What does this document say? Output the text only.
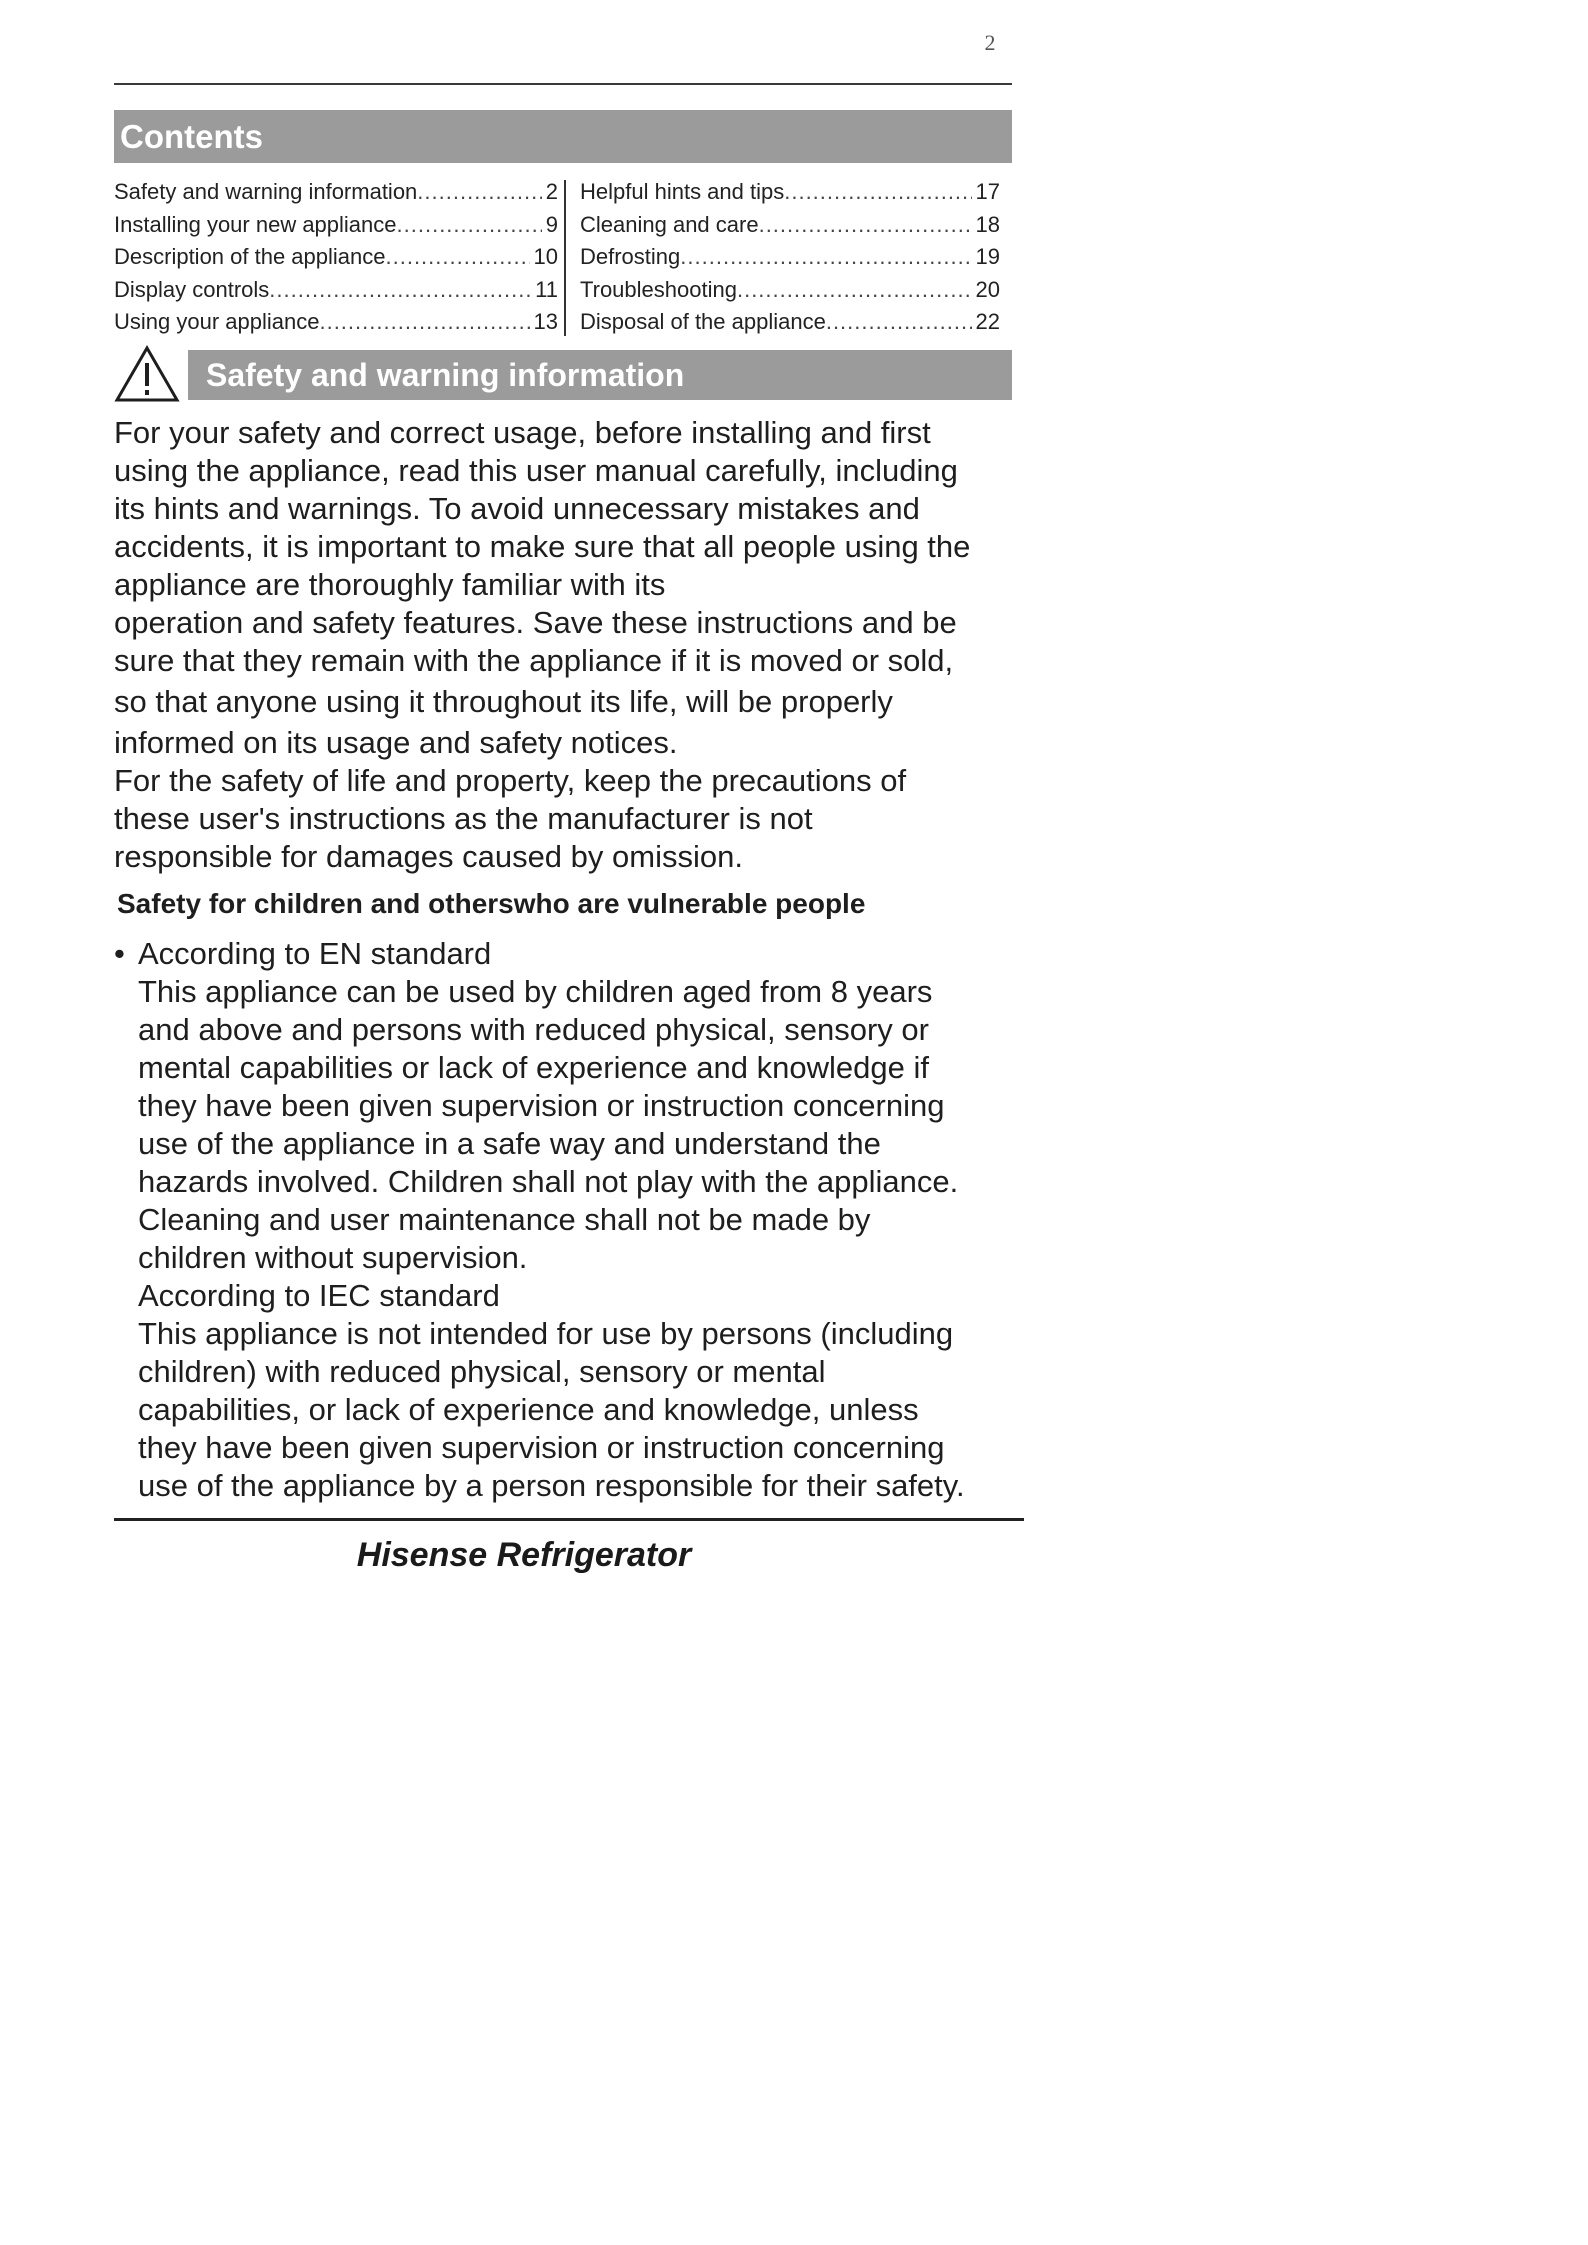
2
Contents
Safety and warning information .....	2
Installing your new appliance .....	9
Description of the appliance .....	10
Display controls .....	11
Using your appliance .....	13
Helpful hints and tips .....	17
Cleaning and care .....	18
Defrosting .....	19
Troubleshooting .....	20
Disposal of the appliance .....	22
Safety and warning information

For your safety and correct usage, before installing and first

using the appliance, read this user manual carefully, including

its hints and warnings. To avoid unnecessary mistakes and

accidents, it is important to make sure that all people using the

appliance are thoroughly familiar with its

operation and safety features. Save these instructions and be

sure that they remain with the appliance if it is moved or sold,

so that anyone using it throughout its life, will be properly

informed on its usage and safety notices.

For the safety of life and property, keep the precautions of

these user's instructions as the manufacturer is not

responsible for damages caused by omission.

Safety for children and otherswho are vulnerable people
• According to EN standard
This appliance can be used by children aged from 8 years
and above and persons with reduced physical, sensory or
mental capabilities or lack of experience and knowledge if
they have been given supervision or instruction concerning
use of the appliance in a safe way and understand the
hazards involved. Children shall not play with the appliance.
Cleaning and user maintenance shall not be made by
children without supervision.
According to IEC standard
This appliance is not intended for use by persons (including
children) with reduced physical, sensory or mental
capabilities, or lack of experience and knowledge, unless
they have been given supervision or instruction concerning
use of the appliance by a person responsible for their safety.
Hisense Refrigerator
